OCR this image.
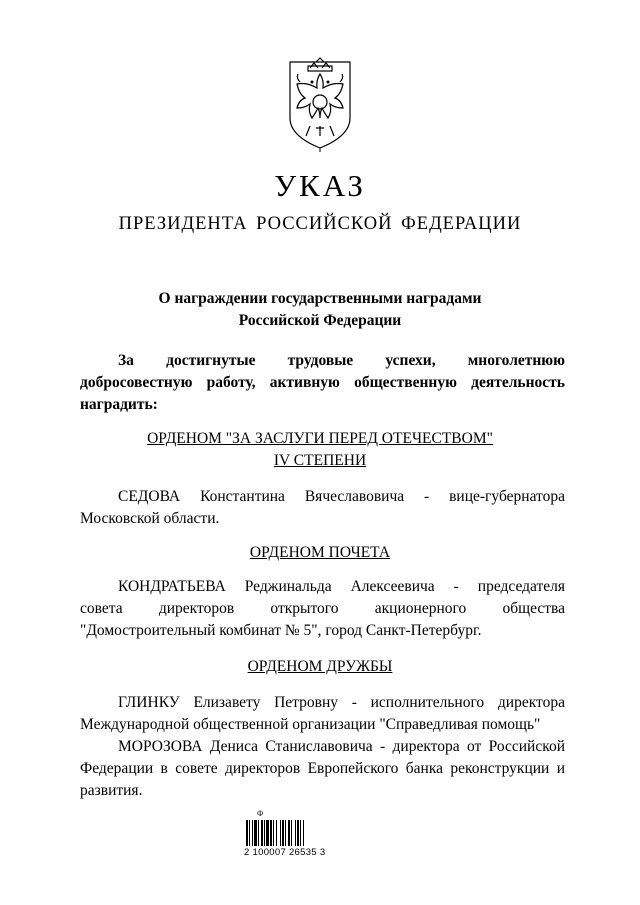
УКАЗ
ПРЕЗИДЕНТА РОССИЙСКОЙ ФЕДЕРАЦИИ
О награждении государственными наградами
Российской Федерации
За достигнутые трудовые успехи, многолетнюю
добросовестную работу, активную общественную деятельность
наградить:
ОРДЕНОМ "ЗА ЗАСЛУГИ ПЕРЕД ОТЕЧЕСТВОМ"
IV СТЕПЕНИ
СЕДОВА Константина Вячеславовича - вице-губернатора
Московской области.
ОРДЕНОМ ПОЧЕТА
КОНДРАТЬЕВА Реджинальда Алексеевича - председателя
совета директоров открытого акционерного общества
"Домостроительный комбинат № 5", город Санкт-Петербург.
ОРДЕНОМ ДРУЖБЫ
ГЛИНКУ Елизавету Петровну - исполнительного директора
Международной общественной организации "Справедливая помощь"
МОРОЗОВА Дениса Станиславовича - директора от Российской
Федерации в совете директоров Европейского банка реконструкции и
развития.
Ф
2 100007 26535 3
